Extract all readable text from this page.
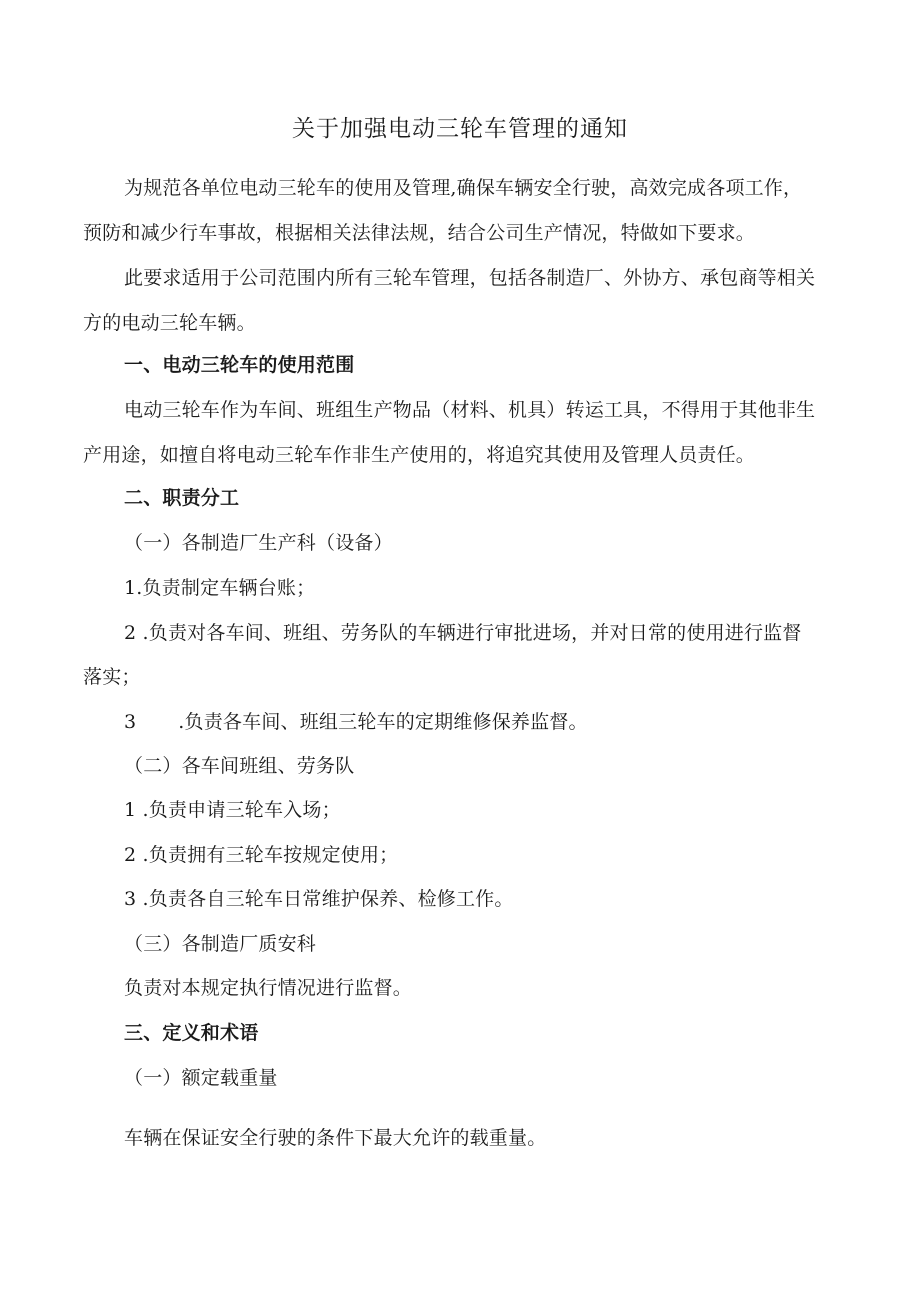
关于加强电动三轮车管理的通知
为规范各单位电动三轮车的使用及管理,确保车辆安全行驶，高效完成各项工作，
预防和减少行车事故，根据相关法律法规，结合公司生产情况，特做如下要求。
此要求适用于公司范围内所有三轮车管理，包括各制造厂、外协方、承包商等相关
方的电动三轮车辆。
一、电动三轮车的使用范围
电动三轮车作为车间、班组生产物品（材料、机具）转运工具，不得用于其他非生
产用途，如擅自将电动三轮车作非生产使用的，将追究其使用及管理人员责任。
二、职责分工
（一）各制造厂生产科（设备）
1.负责制定车辆台账；
2 .负责对各车间、班组、劳务队的车辆进行审批进场，并对日常的使用进行监督
落实；
3 .负责各车间、班组三轮车的定期维修保养监督。
（二）各车间班组、劳务队
1 .负责申请三轮车入场；
2 .负责拥有三轮车按规定使用；
3 .负责各自三轮车日常维护保养、检修工作。
（三）各制造厂质安科
负责对本规定执行情况进行监督。
三、定义和术语
（一）额定载重量
车辆在保证安全行驶的条件下最大允许的载重量。
